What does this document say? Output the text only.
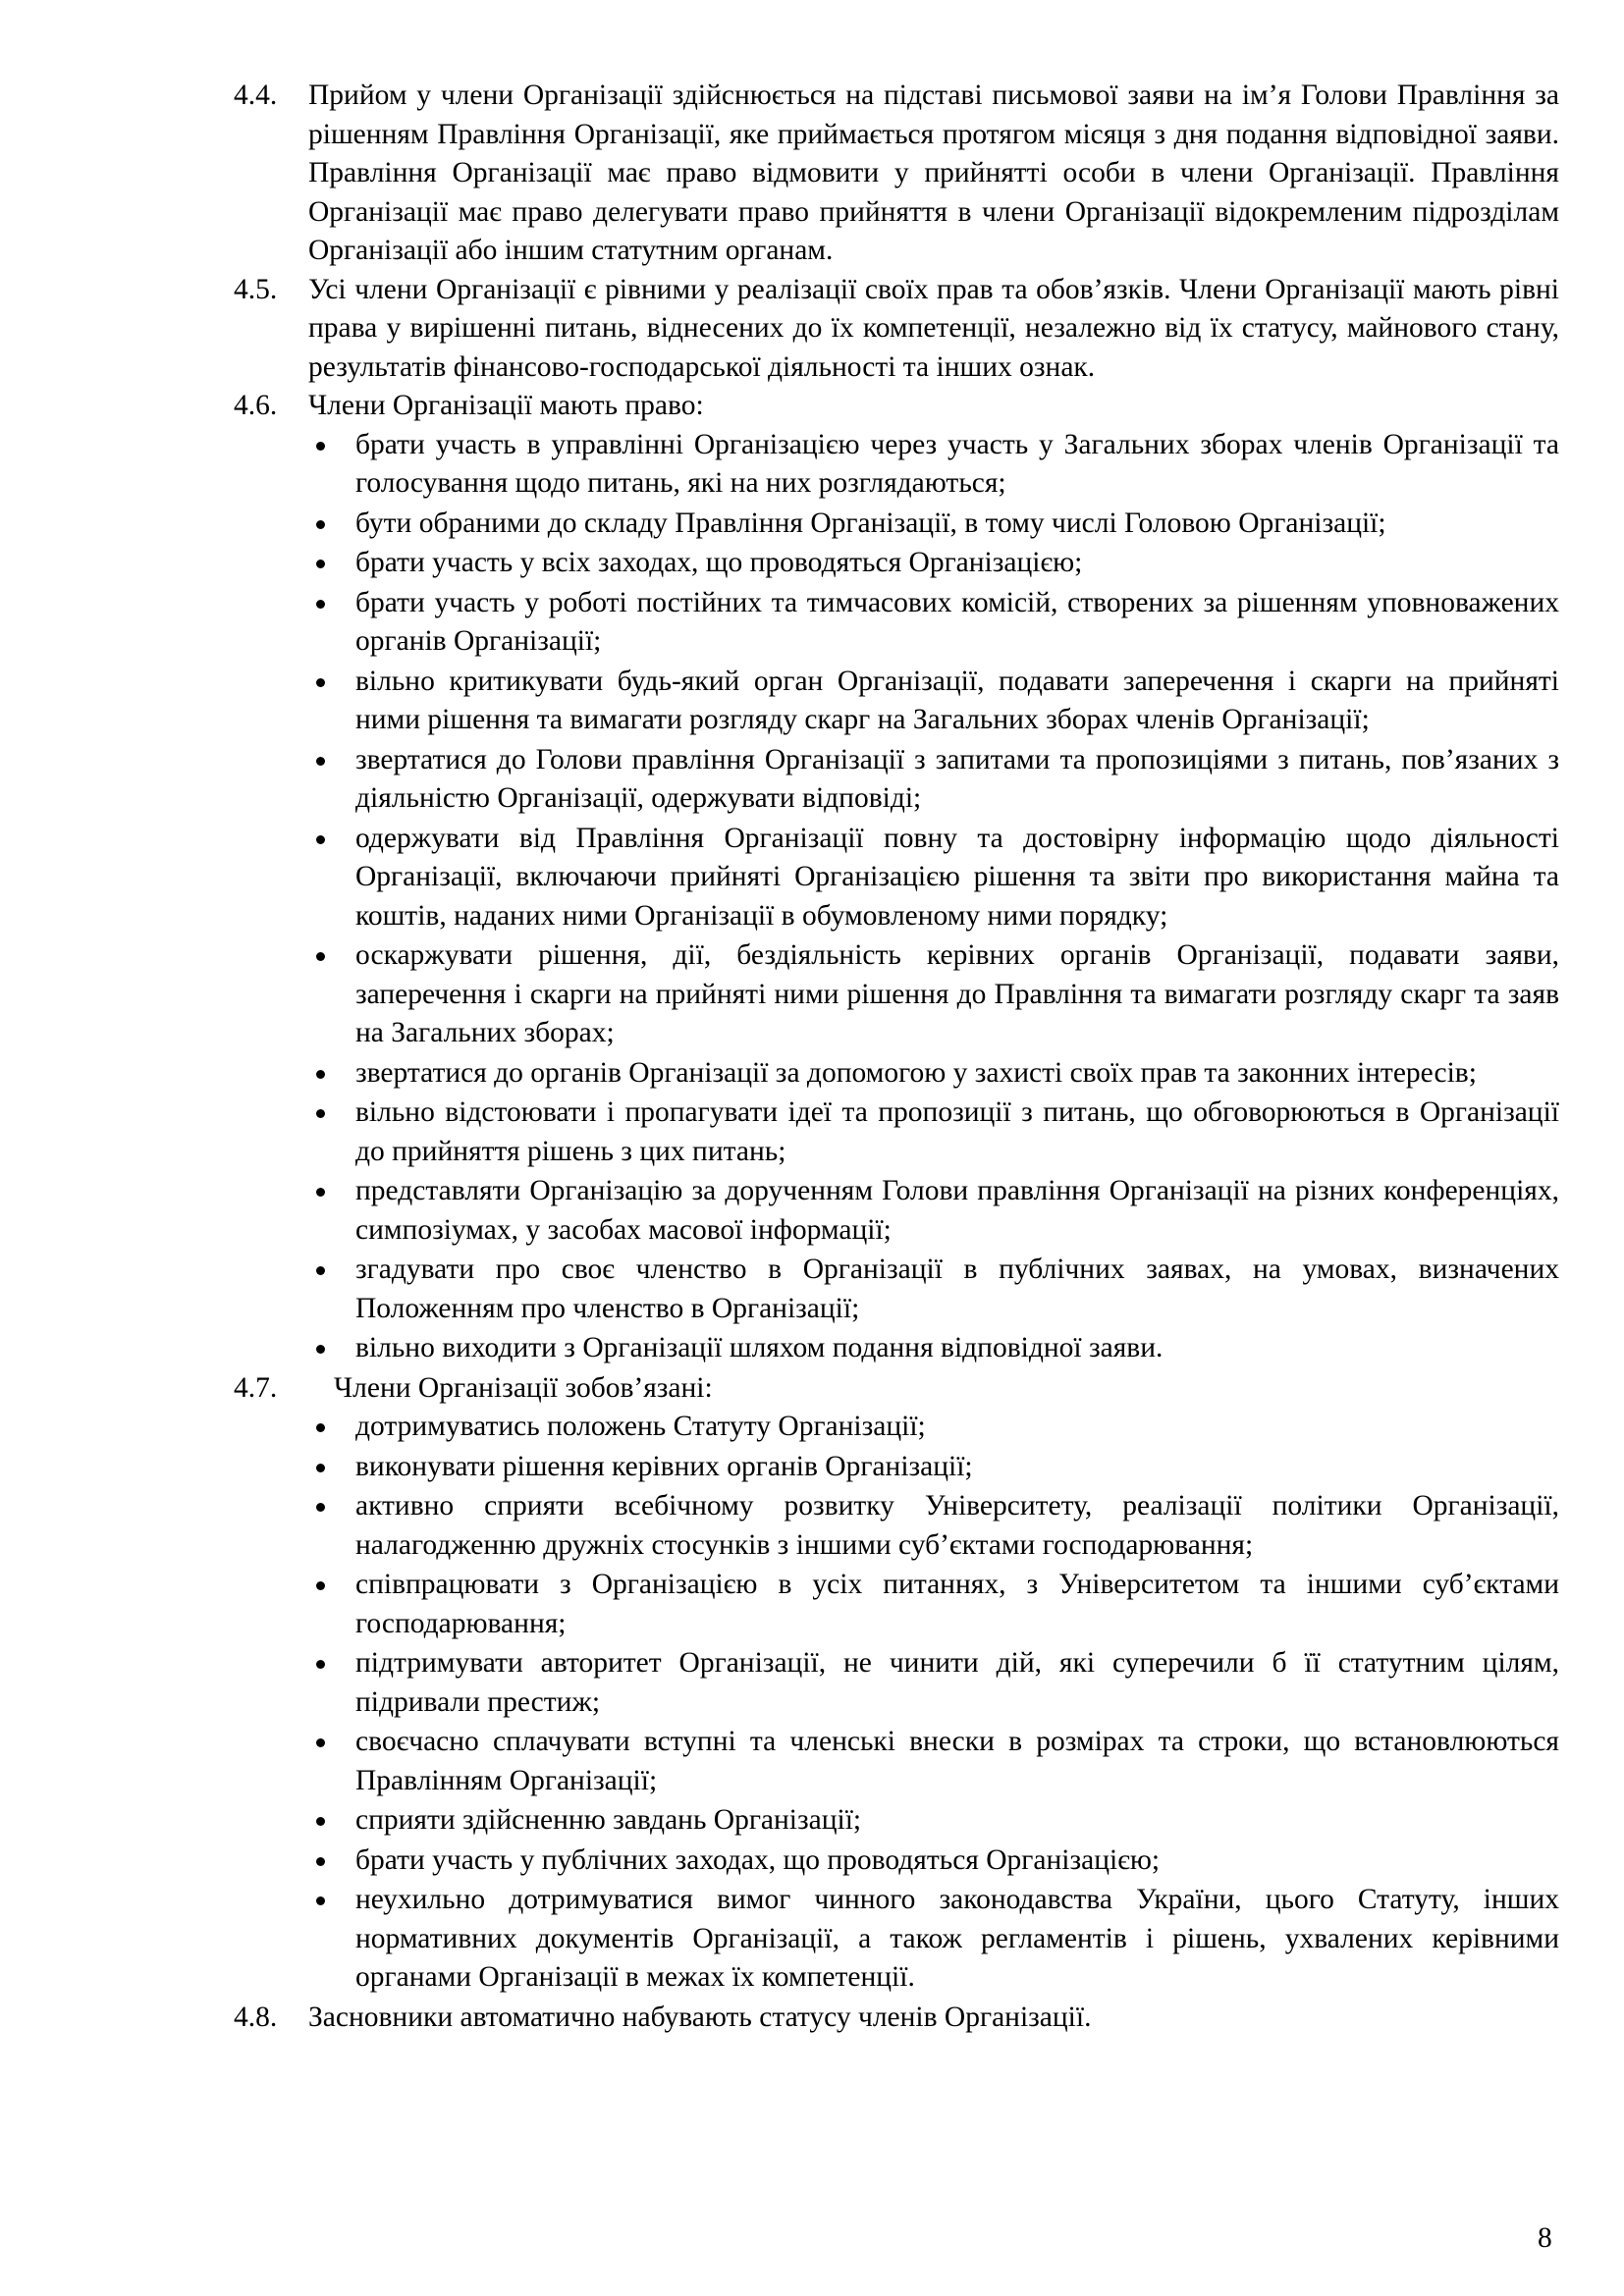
4.4. Прийом у члени Організації здійснюється на підставі письмової заяви на ім’я Голови Правління за рішенням Правління Організації, яке приймається протягом місяця з дня подання відповідної заяви. Правління Організації має право відмовити у прийнятті особи в члени Організації. Правління Організації має право делегувати право прийняття в члени Організації відокремленим підрозділам Організації або іншим статутним органам.
4.5. Усі члени Організації є рівними у реалізації своїх прав та обов’язків. Члени Організації мають рівні права у вирішенні питань, віднесених до їх компетенції, незалежно від їх статусу, майнового стану, результатів фінансово-господарської діяльності та інших ознак.
4.6. Члени Організації мають право:
брати участь в управлінні Організацією через участь у Загальних зборах членів Організації та голосування щодо питань, які на них розглядаються;
бути обраними до складу Правління Організації, в тому числі Головою Організації;
брати участь у всіх заходах, що проводяться Організацією;
брати участь у роботі постійних та тимчасових комісій, створених за рішенням уповноважених органів Організації;
вільно критикувати будь-який орган Організації, подавати заперечення і скарги на прийняті ними рішення та вимагати розгляду скарг на Загальних зборах членів Організації;
звертатися до Голови правління Організації з запитами та пропозиціями з питань, пов’язаних з діяльністю Організації, одержувати відповіді;
одержувати від Правління Організації повну та достовірну інформацію щодо діяльності Організації, включаючи прийняті Організацією рішення та звіти про використання майна та коштів, наданих ними Організації в обумовленому ними порядку;
оскаржувати рішення, дії, бездіяльність керівних органів Організації, подавати заяви, заперечення і скарги на прийняті ними рішення до Правління та вимагати розгляду скарг та заяв на Загальних зборах;
звертатися до органів Організації за допомогою у захисті своїх прав та законних інтересів;
вільно відстоювати і пропагувати ідеї та пропозиції з питань, що обговорюються в Організації до прийняття рішень з цих питань;
представляти Організацію за дорученням Голови правління Організації на різних конференціях, симпозіумах, у засобах масової інформації;
згадувати про своє членство в Організації в публічних заявах, на умовах, визначених Положенням про членство в Організації;
вільно виходити з Організації шляхом подання відповідної заяви.
4.7. Члени Організації зобов’язані:
дотримуватись положень Статуту Організації;
виконувати рішення керівних органів Організації;
активно сприяти всебічному розвитку Університету, реалізації політики Організації, налагодженню дружніх стосунків з іншими суб’єктами господарювання;
співпрацювати з Організацією в усіх питаннях, з Університетом та іншими суб’єктами господарювання;
підтримувати авторитет Організації, не чинити дій, які суперечили б її статутним цілям, підривали престиж;
своєчасно сплачувати вступні та членські внески в розмірах та строки, що встановлюються Правлінням Організації;
сприяти здійсненню завдань Організації;
брати участь у публічних заходах, що проводяться Організацією;
неухильно дотримуватися вимог чинного законодавства України, цього Статуту, інших нормативних документів Організації, а також регламентів і рішень, ухвалених керівними органами Організації в межах їх компетенції.
4.8. Засновники автоматично набувають статусу членів Організації.
8
